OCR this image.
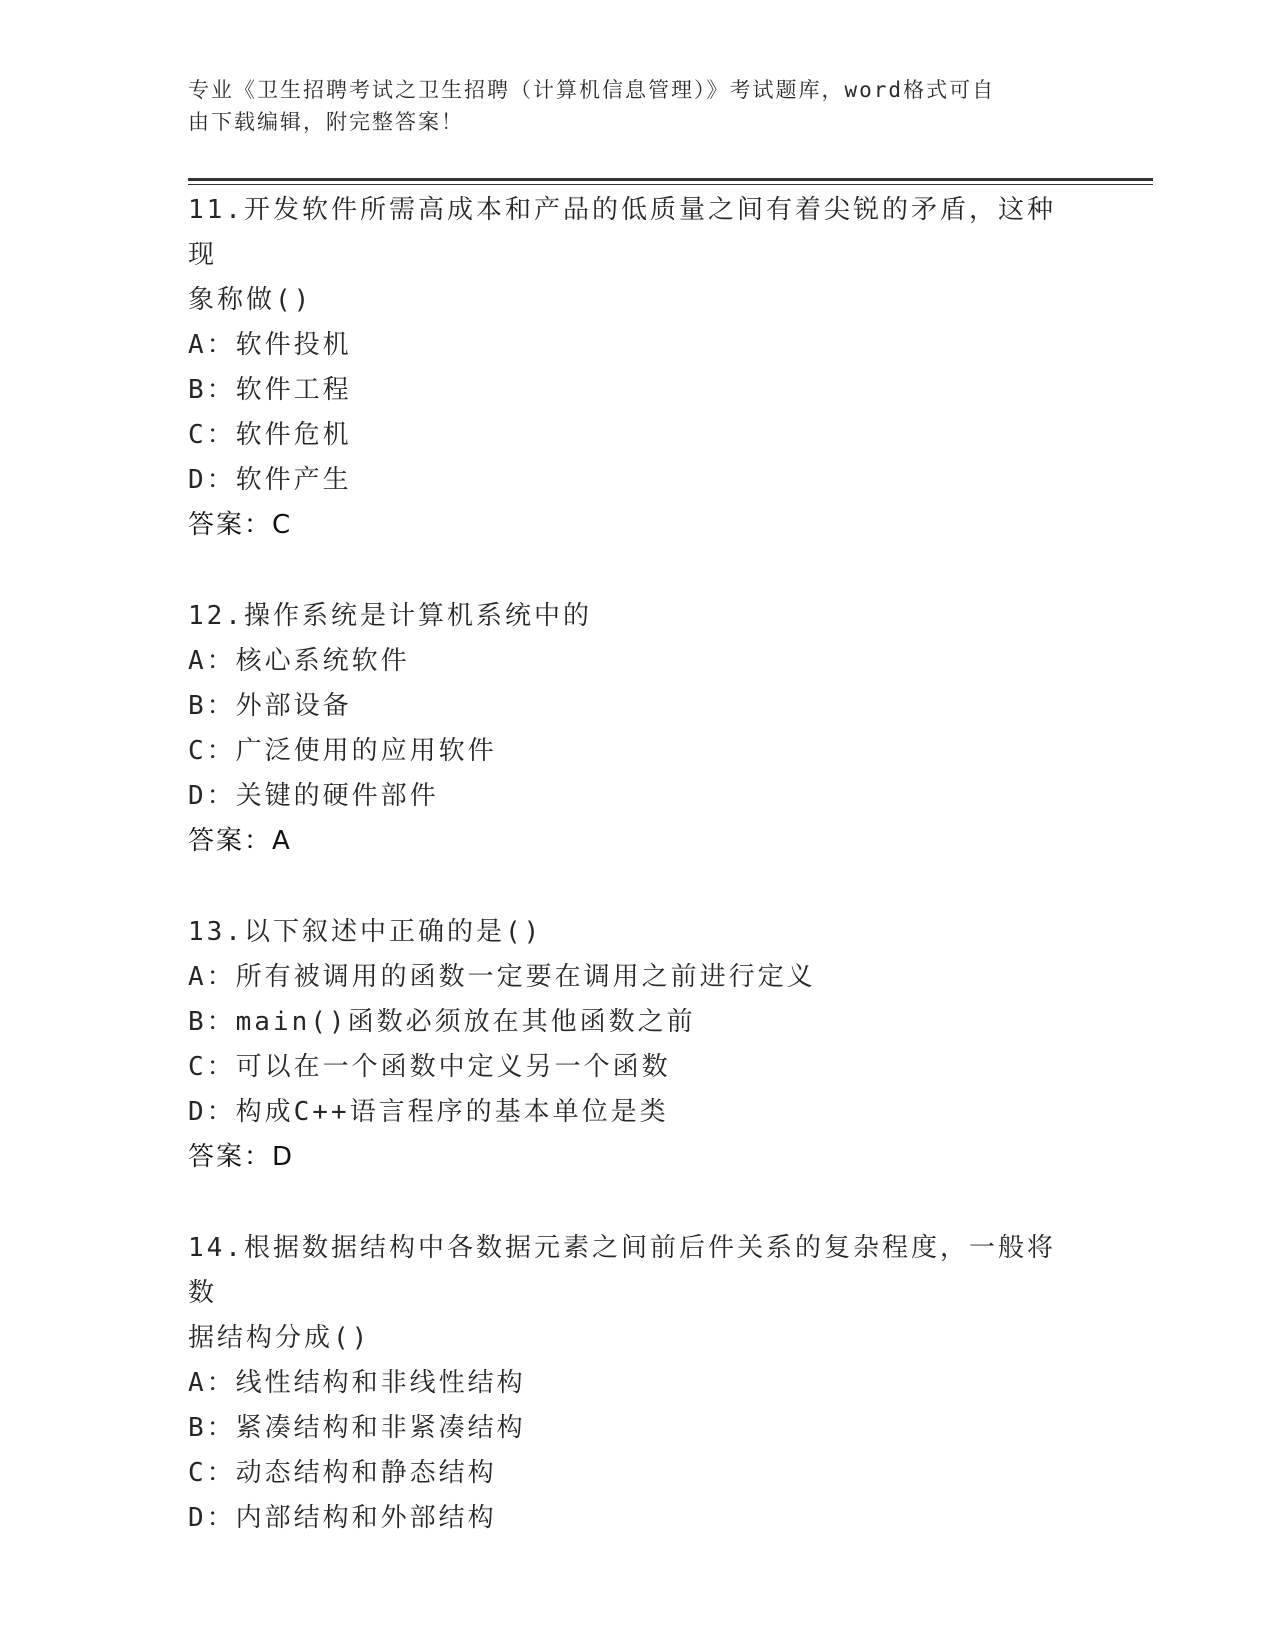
专业《卫生招聘考试之卫生招聘（计算机信息管理）》考试题库，word格式可自
由下载编辑，附完整答案！
11.开发软件所需高成本和产品的低质量之间有着尖锐的矛盾，这种现
象称做()
A：软件投机
B：软件工程
C：软件危机
D：软件产生
答案：C
12.操作系统是计算机系统中的
A：核心系统软件
B：外部设备
C：广泛使用的应用软件
D：关键的硬件部件
答案：A
13.以下叙述中正确的是()
A：所有被调用的函数一定要在调用之前进行定义
B：main()函数必须放在其他函数之前
C：可以在一个函数中定义另一个函数
D：构成C++语言程序的基本单位是类
答案：D
14.根据数据结构中各数据元素之间前后件关系的复杂程度，一般将数
据结构分成()
A：线性结构和非线性结构
B：紧凑结构和非紧凑结构
C：动态结构和静态结构
D：内部结构和外部结构
